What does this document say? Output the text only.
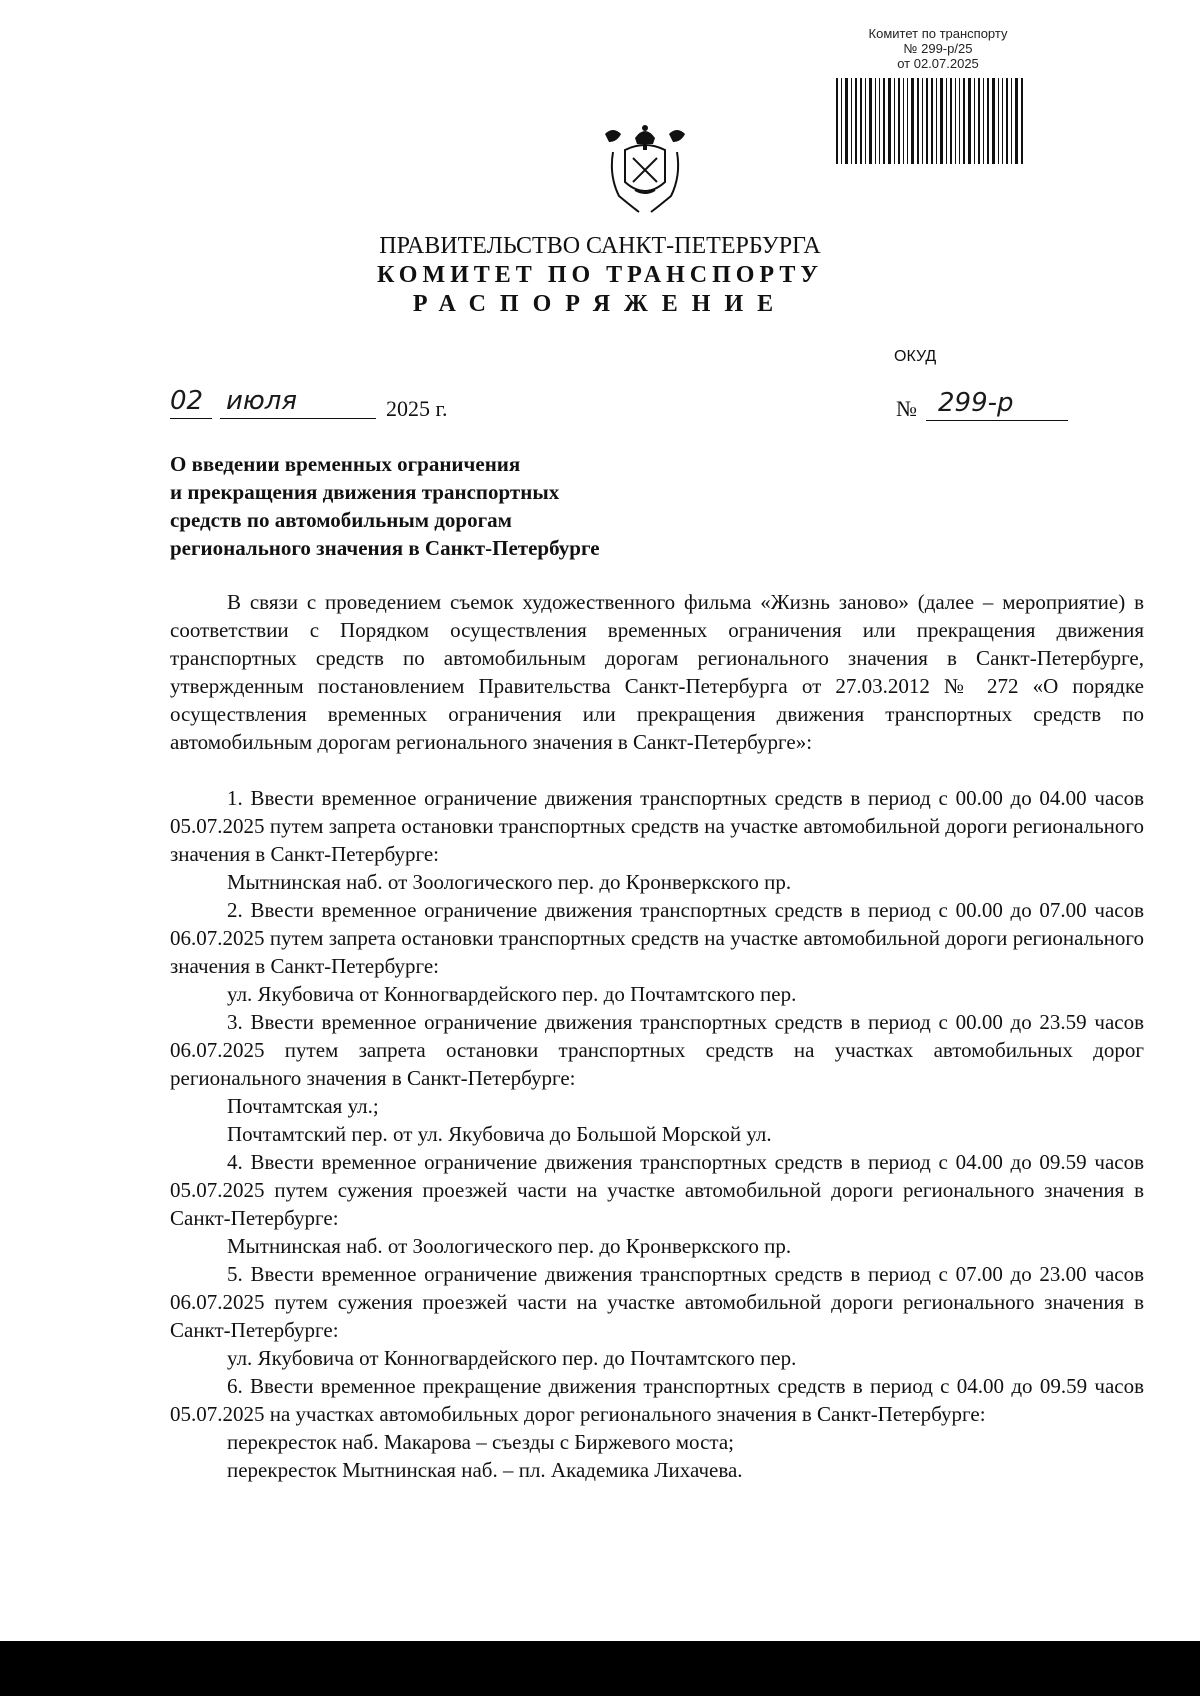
Комитет по транспорту
№ 299-р/25
от 02.07.2025
ПРАВИТЕЛЬСТВО САНКТ-ПЕТЕРБУРГА
КОМИТЕТ ПО ТРАНСПОРТУ
РАСПОРЯЖЕНИЕ
ОКУД
02 июля	2025 г.	№ 299-р
О введении временных ограничения
и прекращения движения транспортных
средств по автомобильным дорогам
регионального значения в Санкт-Петербурге

В связи с проведением съемок художественного фильма «Жизнь заново» (далее – мероприятие) в соответствии с Порядком осуществления временных ограничения или прекращения движения транспортных средств по автомобильным дорогам регионального значения в Санкт-Петербурге, утвержденным постановлением Правительства Санкт-Петербурга от 27.03.2012 № 272 «О порядке осуществления временных ограничения или прекращения движения транспортных средств по автомобильным дорогам регионального значения в Санкт-Петербурге»:

1. Ввести временное ограничение движения транспортных средств в период с 00.00 до 04.00 часов 05.07.2025 путем запрета остановки транспортных средств на участке автомобильной дороги регионального значения в Санкт-Петербурге:

Мытнинская наб. от Зоологического пер. до Кронверкского пр.

2. Ввести временное ограничение движения транспортных средств в период с 00.00 до 07.00 часов 06.07.2025 путем запрета остановки транспортных средств на участке автомобильной дороги регионального значения в Санкт-Петербурге:

ул. Якубовича от Конногвардейского пер. до Почтамтского пер.

3. Ввести временное ограничение движения транспортных средств в период с 00.00 до 23.59 часов 06.07.2025 путем запрета остановки транспортных средств на участках автомобильных дорог регионального значения в Санкт-Петербурге:

Почтамтская ул.;

Почтамтский пер. от ул. Якубовича до Большой Морской ул.

4. Ввести временное ограничение движения транспортных средств в период с 04.00 до 09.59 часов 05.07.2025 путем сужения проезжей части на участке автомобильной дороги регионального значения в Санкт-Петербурге:

Мытнинская наб. от Зоологического пер. до Кронверкского пр.

5. Ввести временное ограничение движения транспортных средств в период с 07.00 до 23.00 часов 06.07.2025 путем сужения проезжей части на участке автомобильной дороги регионального значения в Санкт-Петербурге:

ул. Якубовича от Конногвардейского пер. до Почтамтского пер.

6. Ввести временное прекращение движения транспортных средств в период с 04.00 до 09.59 часов 05.07.2025 на участках автомобильных дорог регионального значения в Санкт-Петербурге:

перекресток наб. Макарова – съезды с Биржевого моста;

перекресток Мытнинская наб. – пл. Академика Лихачева.
